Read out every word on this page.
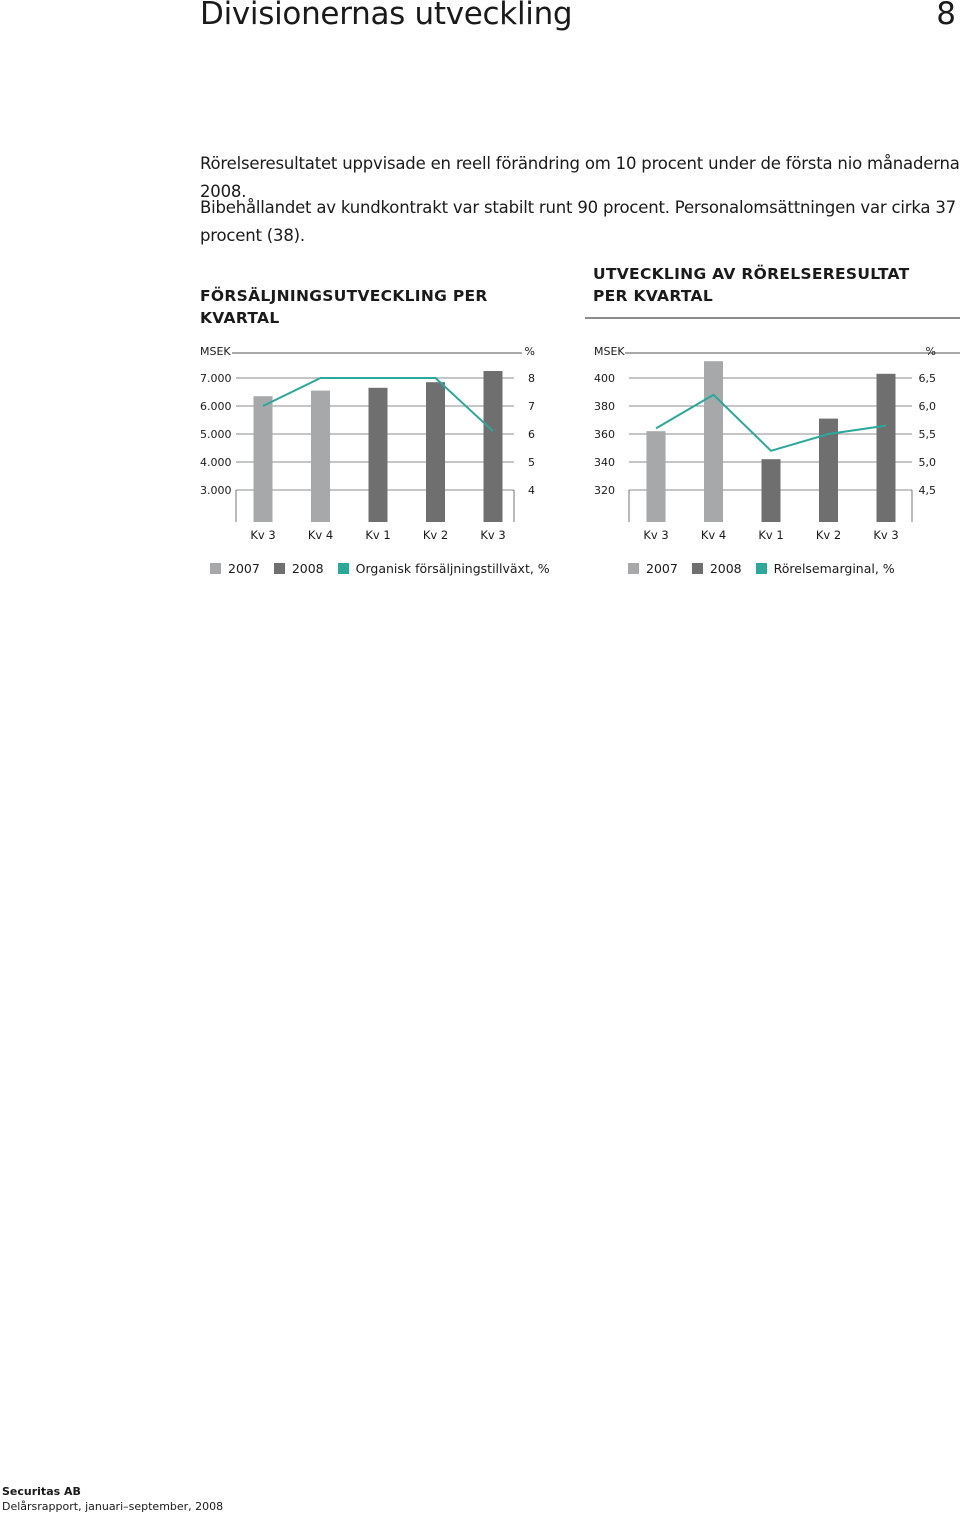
Divisionernas utveckling	8

Rörelseresultatet uppvisade en reell förändring om 10 procent under de första nio månaderna 2008.

Bibehållandet av kundkontrakt var stabilt runt 90 procent. Personalomsättningen var cirka 37 procent (38).

FÖRSÄLJNINGSUTVECKLING PER KVARTAL
UTVECKLING AV RÖRELSERESULTAT PER KVARTAL
MSEK	%
7.000	8
6.000	7
5.000	6
4.000	5
3.000	4
Kv 3	Kv 4	Kv 1	Kv 2	Kv 3
MSEK	%
400	6,5
380	6,0
360	5,5
340	5,0
320	4,5
Kv 3	Kv 4	Kv 1	Kv 2	Kv 3
2007	2008	Organisk försäljningstillväxt, %	2007	2008	Rörelsemarginal, %
Securitas AB
Delårsrapport, januari–september, 2008
